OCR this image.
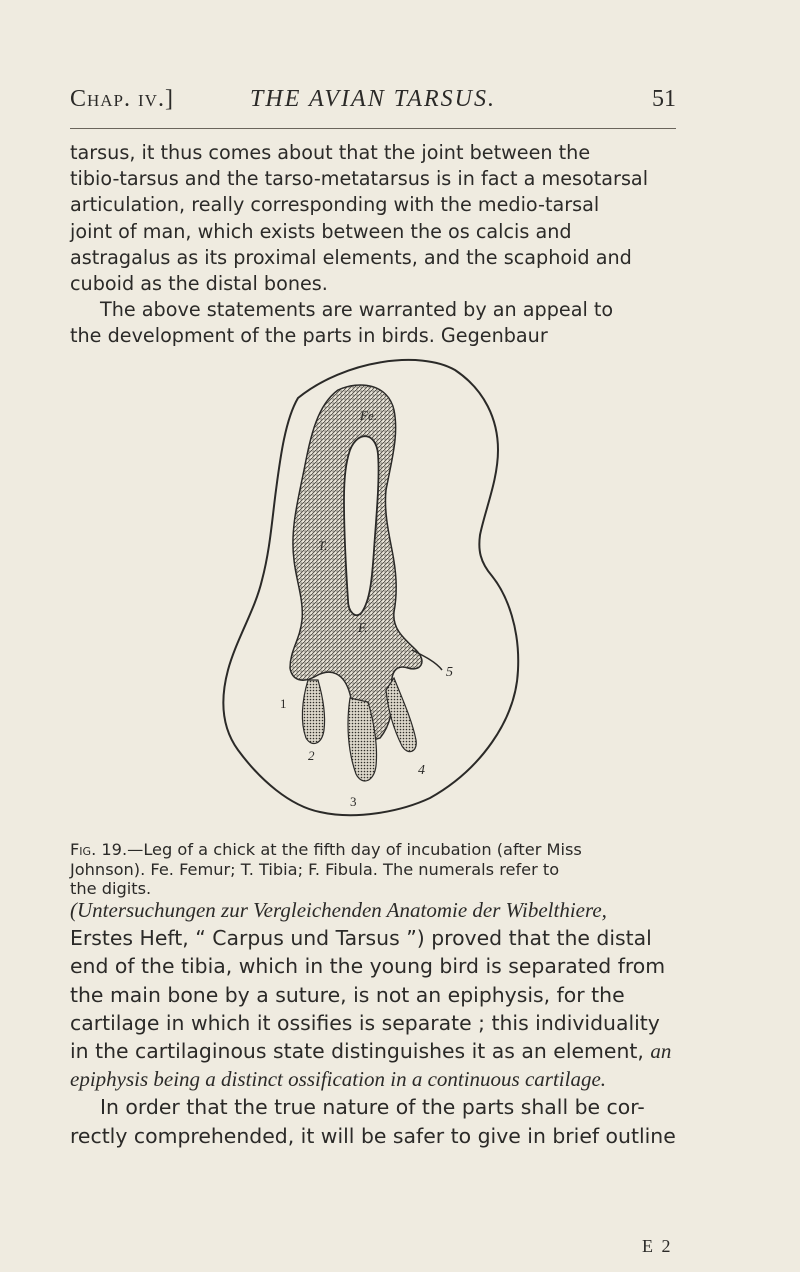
Chap. iv.]	THE AVIAN TARSUS.	51

tarsus, it thus comes about that the joint between the
tibio-tarsus and the tarso-metatarsus is in fact a mesotarsal
articulation, really corresponding with the medio-tarsal
joint of man, which exists between the os calcis and
astragalus as its proximal elements, and the scaphoid and
cuboid as the distal bones.
The above statements are warranted by an appeal to
the development of the parts in birds. Gegenbaur

Fe.
T.
F.
1
2
3
4
5

Fig. 19.—Leg of a chick at the fifth day of incubation (after Miss
Johnson). Fe. Femur; T. Tibia; F. Fibula. The numerals refer to
the digits.

(Untersuchungen zur Vergleichenden Anatomie der Wibelthiere,
Erstes Heft, “ Carpus und Tarsus ”) proved that the distal
end of the tibia, which in the young bird is separated from
the main bone by a suture, is not an epiphysis, for the
cartilage in which it ossifies is separate ; this individuality
in the cartilaginous state distinguishes it as an element, an
epiphysis being a distinct ossification in a continuous cartilage.
In order that the true nature of the parts shall be cor-
rectly comprehended, it will be safer to give in brief outline

E 2
